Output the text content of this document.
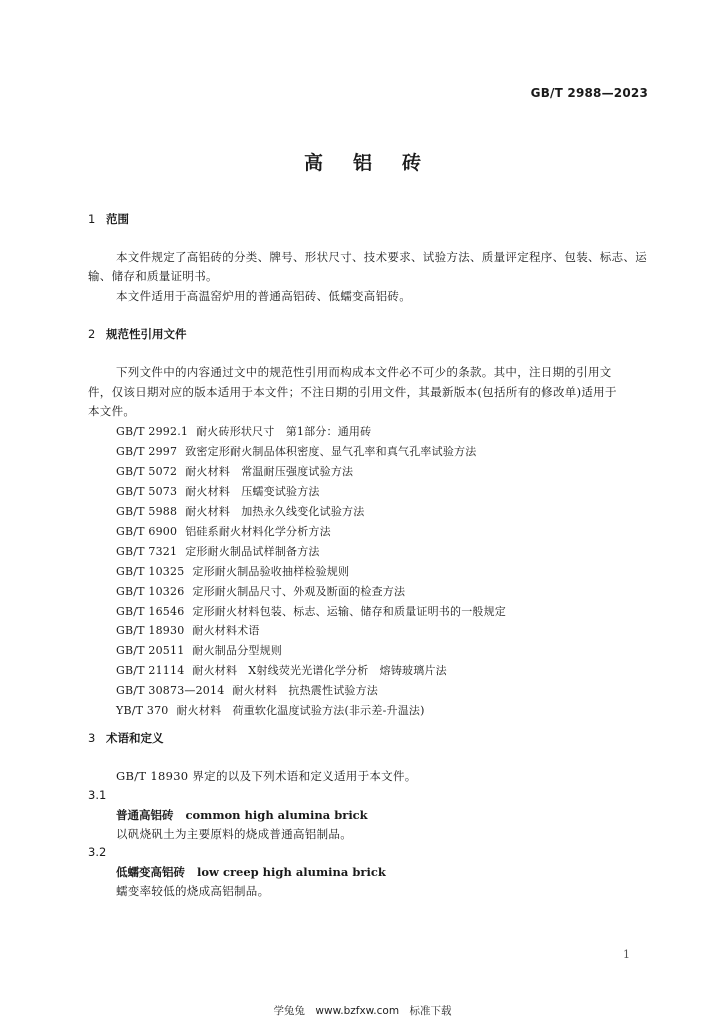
GB/T 2988—2023
高铝砖
1 范围
本文件规定了高铝砖的分类、牌号、形状尺寸、技术要求、试验方法、质量评定程序、包装、标志、运
输、储存和质量证明书。
本文件适用于高温窑炉用的普通高铝砖、低蠕变高铝砖。
2 规范性引用文件
下列文件中的内容通过文中的规范性引用而构成本文件必不可少的条款。其中，注日期的引用文
件，仅该日期对应的版本适用于本文件；不注日期的引用文件，其最新版本(包括所有的修改单)适用于
本文件。
GB/T 2992.1 耐火砖形状尺寸　第1部分：通用砖
GB/T 2997 致密定形耐火制品体积密度、显气孔率和真气孔率试验方法
GB/T 5072 耐火材料　常温耐压强度试验方法
GB/T 5073 耐火材料　压蠕变试验方法
GB/T 5988 耐火材料　加热永久线变化试验方法
GB/T 6900 铝硅系耐火材料化学分析方法
GB/T 7321 定形耐火制品试样制备方法
GB/T 10325 定形耐火制品验收抽样检验规则
GB/T 10326 定形耐火制品尺寸、外观及断面的检查方法
GB/T 16546 定形耐火材料包装、标志、运输、储存和质量证明书的一般规定
GB/T 18930 耐火材料术语
GB/T 20511 耐火制品分型规则
GB/T 21114 耐火材料　X射线荧光光谱化学分析　熔铸玻璃片法
GB/T 30873—2014 耐火材料　抗热震性试验方法
YB/T 370 耐火材料　荷重软化温度试验方法(非示差-升温法)
3 术语和定义
GB/T 18930 界定的以及下列术语和定义适用于本文件。
3.1
普通高铝砖 common high alumina brick
以矾烧矾土为主要原料的烧成普通高铝制品。
3.2
低蠕变高铝砖 low creep high alumina brick
蠕变率较低的烧成高铝制品。
1
学兔兔　www.bzfxw.com　标准下载
